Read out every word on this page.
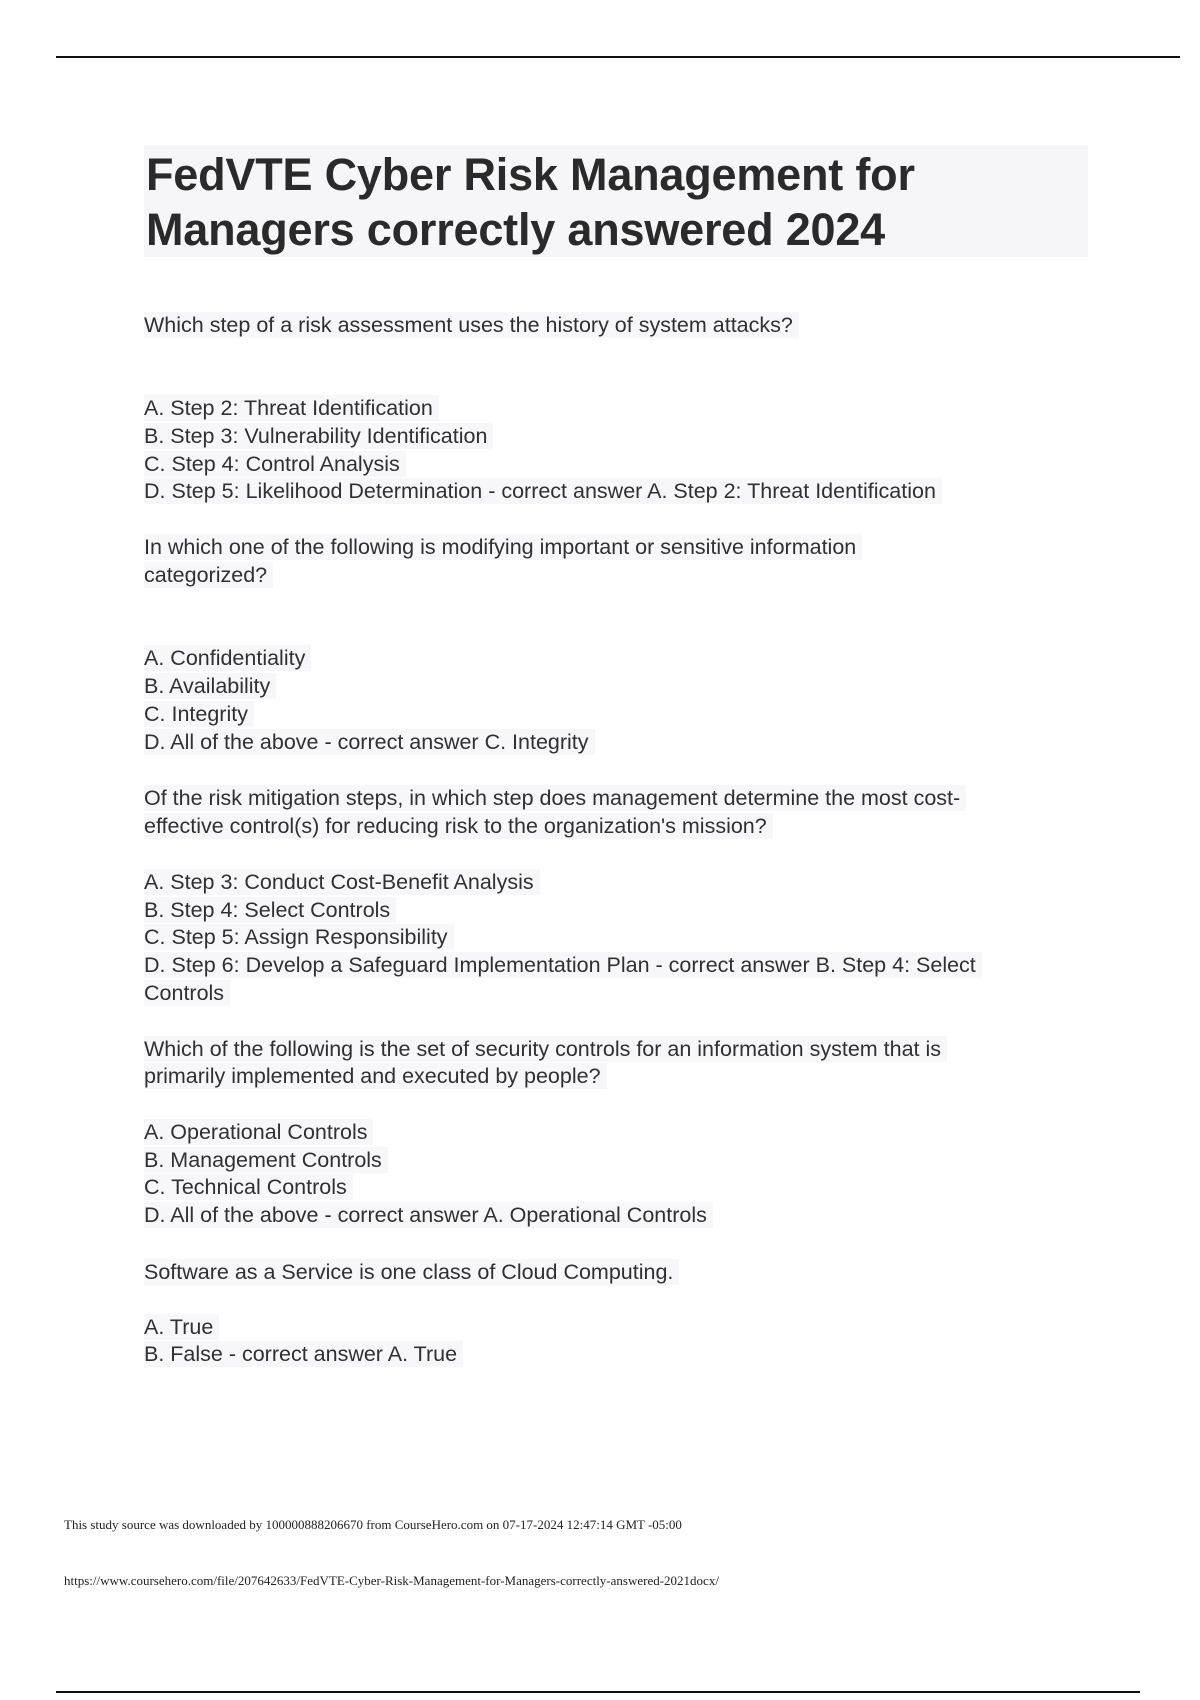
FedVTE Cyber Risk Management for
Managers correctly answered 2024
Which step of a risk assessment uses the history of system attacks?
A. Step 2: Threat Identification
B. Step 3: Vulnerability Identification
C. Step 4: Control Analysis
D. Step 5: Likelihood Determination - correct answer A. Step 2: Threat Identification
In which one of the following is modifying important or sensitive information
categorized?
A. Confidentiality
B. Availability
C. Integrity
D. All of the above - correct answer C. Integrity
Of the risk mitigation steps, in which step does management determine the most cost-
effective control(s) for reducing risk to the organization's mission?
A. Step 3: Conduct Cost-Benefit Analysis
B. Step 4: Select Controls
C. Step 5: Assign Responsibility
D. Step 6: Develop a Safeguard Implementation Plan - correct answer B. Step 4: Select
Controls
Which of the following is the set of security controls for an information system that is
primarily implemented and executed by people?
A. Operational Controls
B. Management Controls
C. Technical Controls
D. All of the above - correct answer A. Operational Controls
Software as a Service is one class of Cloud Computing.
A. True
B. False - correct answer A. True
This study source was downloaded by 100000888206670 from CourseHero.com on 07-17-2024 12:47:14 GMT -05:00
https://www.coursehero.com/file/207642633/FedVTE-Cyber-Risk-Management-for-Managers-correctly-answered-2021docx/
